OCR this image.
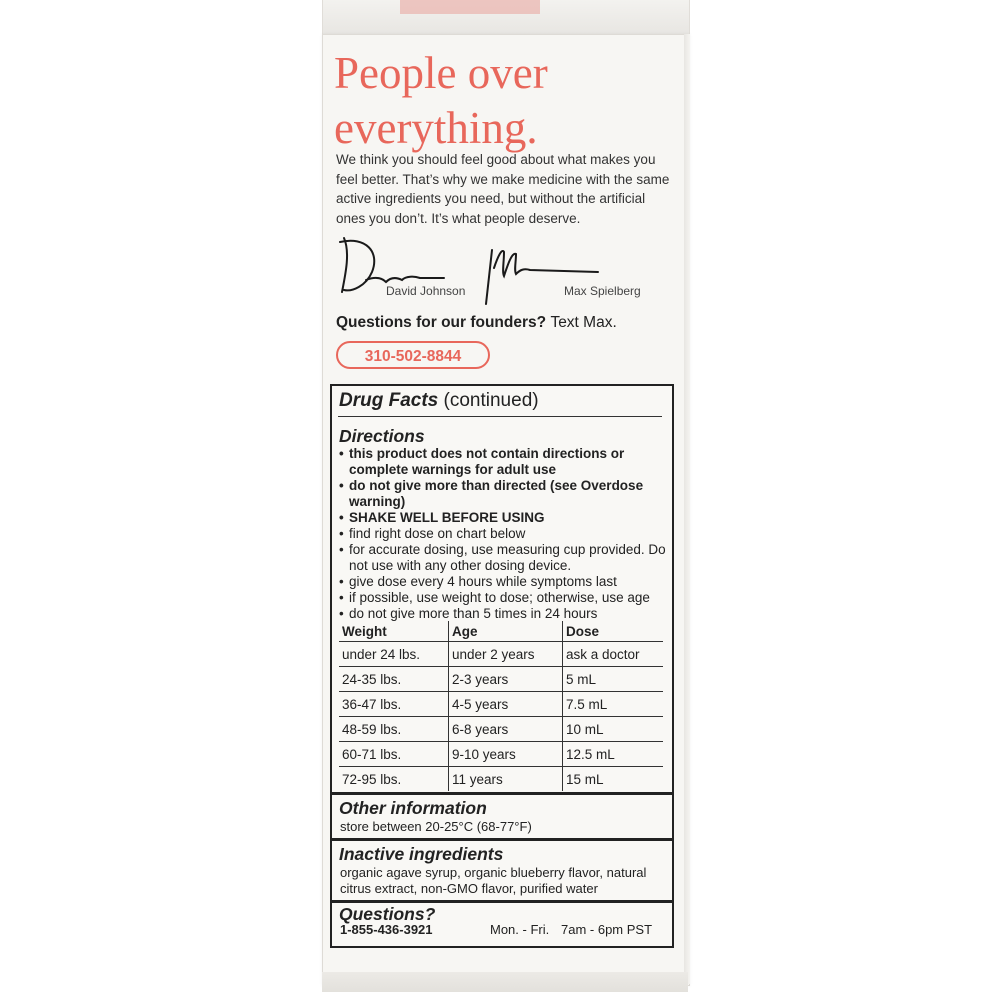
People over everything.

We think you should feel good about what makes you feel better. That’s why we make medicine with the same active ingredients you need, but without the artificial ones you don’t. It’s what people deserve.

David Johnson	Max Spielberg

Questions for our founders? Text Max.

310-502-8844
Drug Facts (continued)
Directions
• this product does not contain directions or complete warnings for adult use
• do not give more than directed (see Overdose warning)
• SHAKE WELL BEFORE USING
• find right dose on chart below
• for accurate dosing, use measuring cup provided. Do not use with any other dosing device.
• give dose every 4 hours while symptoms last
• if possible, use weight to dose; otherwise, use age
• do not give more than 5 times in 24 hours
Weight	Age	Dose
under 24 lbs.	under 2 years	ask a doctor
24-35 lbs.	2-3 years	5 mL
36-47 lbs.	4-5 years	7.5 mL
48-59 lbs.	6-8 years	10 mL
60-71 lbs.	9-10 years	12.5 mL
72-95 lbs.	11 years	15 mL
Other information
store between 20-25°C (68-77°F)
Inactive ingredients
organic agave syrup, organic blueberry flavor, natural citrus extract, non-GMO flavor, purified water
Questions?
1-855-436-3921	Mon. - Fri. 7am - 6pm PST
